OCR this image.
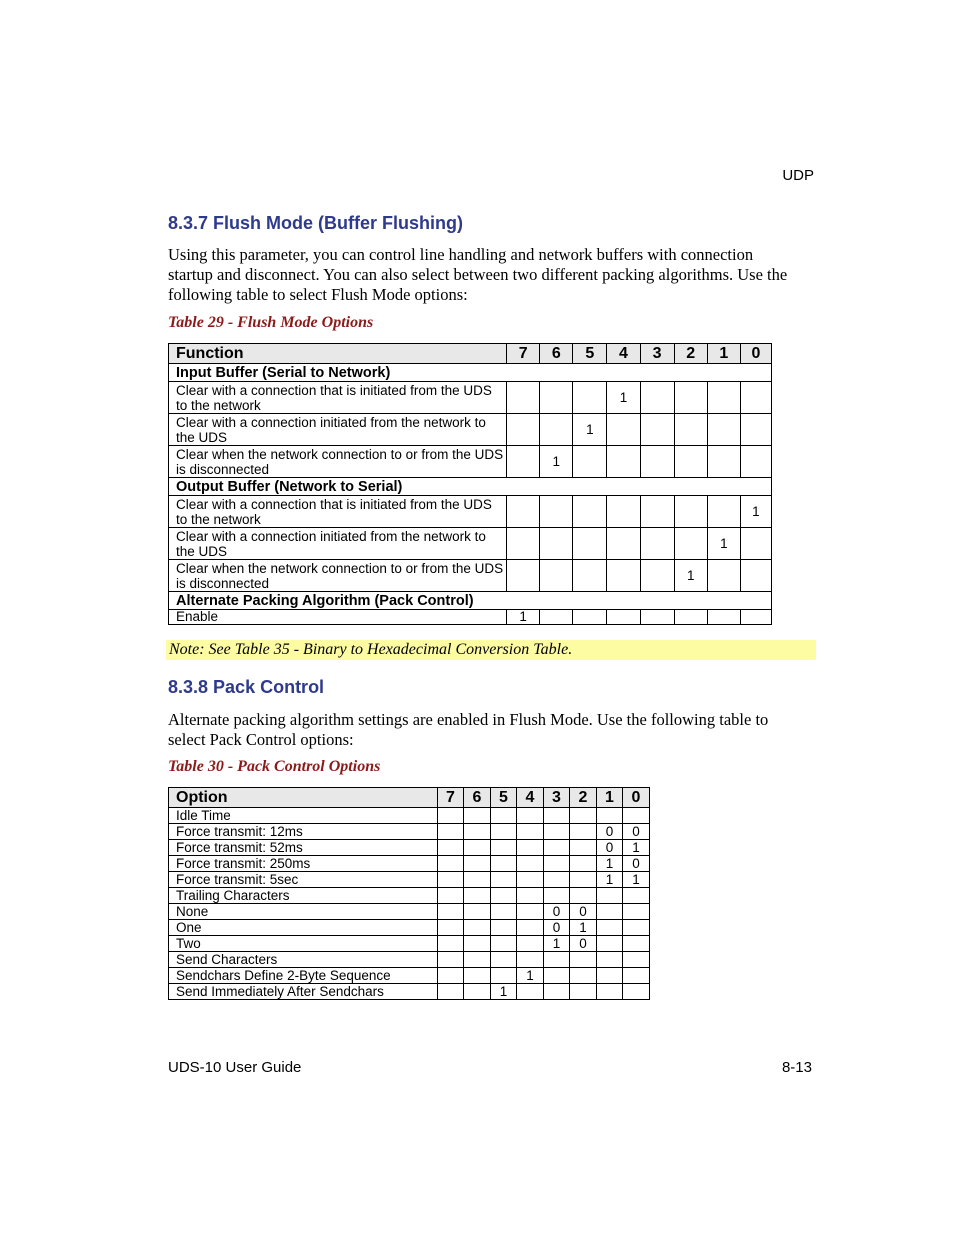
UDP
8.3.7 Flush Mode (Buffer Flushing)
Using this parameter, you can control line handling and network buffers with connection startup and disconnect. You can also select between two different packing algorithms. Use the following table to select Flush Mode options:
Table 29 - Flush Mode Options
Function	7	6	5	4	3	2	1	0
Input Buffer (Serial to Network)								
Clear with a connection that is initiated from the UDS to the network				1				
Clear with a connection initiated from the network to the UDS			1					
Clear when the network connection to or from the UDS is disconnected		1						
Output Buffer (Network to Serial)								
Clear with a connection that is initiated from the UDS to the network								1
Clear with a connection initiated from the network to the UDS							1	
Clear when the network connection to or from the UDS is disconnected						1		
Alternate Packing Algorithm (Pack Control)								
Enable	1							
Note: See Table 35 - Binary to Hexadecimal Conversion Table.
8.3.8 Pack Control
Alternate packing algorithm settings are enabled in Flush Mode. Use the following table to select Pack Control options:
Table 30 - Pack Control Options
Option	7	6	5	4	3	2	1	0
Idle Time								
Force transmit: 12ms							0	0
Force transmit: 52ms							0	1
Force transmit: 250ms							1	0
Force transmit: 5sec							1	1
Trailing Characters								
None					0	0		
One					0	1		
Two					1	0		
Send Characters								
Sendchars Define 2-Byte Sequence				1				
Send Immediately After Sendchars			1					
UDS-10 User Guide	8-13
